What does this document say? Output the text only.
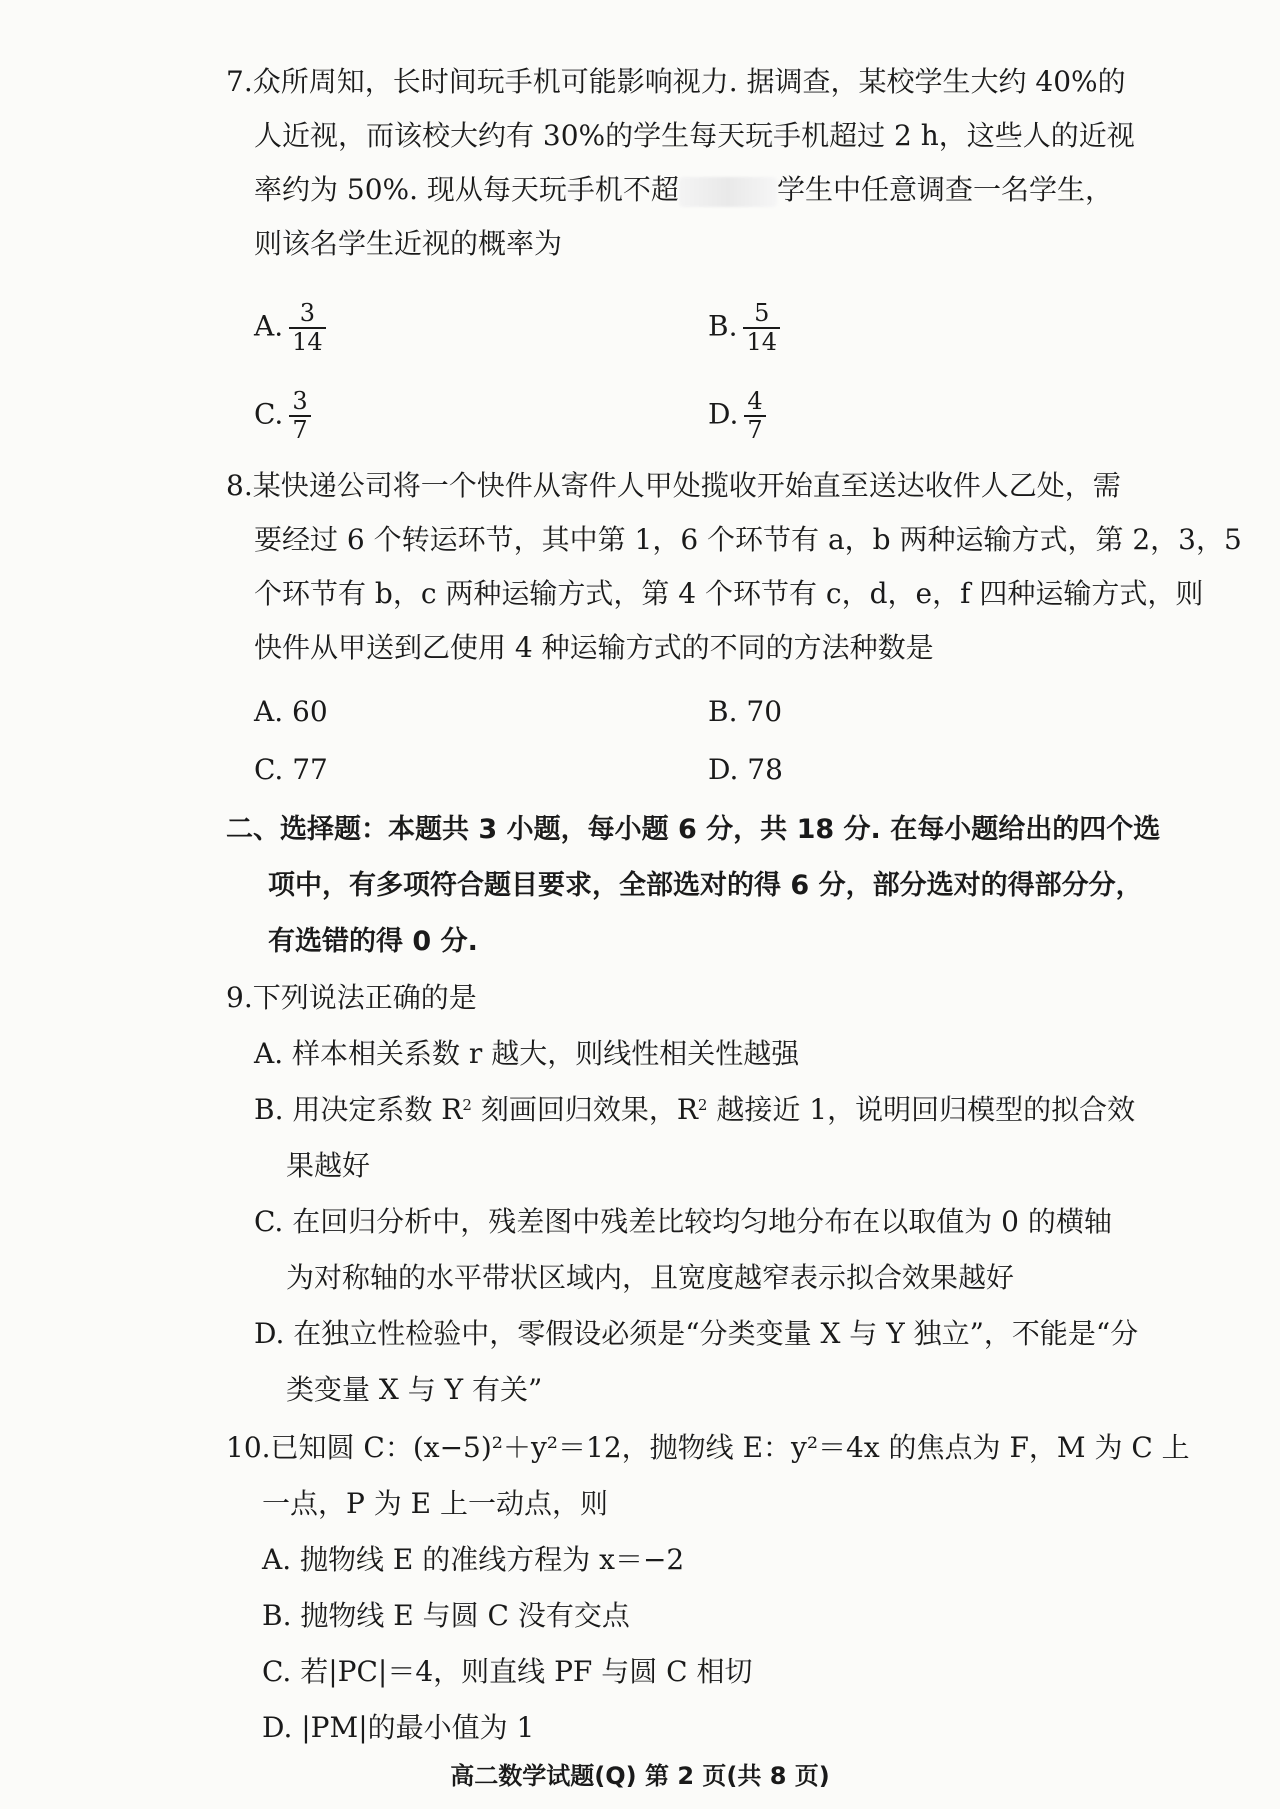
7.众所周知，长时间玩手机可能影响视力. 据调查，某校学生大约 40%的
人近视，而该校大约有 30%的学生每天玩手机超过 2 h，这些人的近视
率约为 50%. 现从每天玩手机不超	学生中任意调查一名学生，
则该名学生近视的概率为
A. $\frac{3}{14}$	B. $\frac{5}{14}$
C. $\frac{3}{7}$	D. $\frac{4}{7}$
8.某快递公司将一个快件从寄件人甲处揽收开始直至送达收件人乙处，需
要经过 6 个转运环节，其中第 1，6 个环节有 a，b 两种运输方式，第 2，3，5
个环节有 b，c 两种运输方式，第 4 个环节有 c，d，e，f 四种运输方式，则
快件从甲送到乙使用 4 种运输方式的不同的方法种数是
A. 60	B. 70
C. 77	D. 78
二、选择题：本题共 3 小题，每小题 6 分，共 18 分. 在每小题给出的四个选
项中，有多项符合题目要求，全部选对的得 6 分，部分选对的得部分分，
有选错的得 0 分.
9.下列说法正确的是
A. 样本相关系数 r 越大，则线性相关性越强
B. 用决定系数 $R^2$ 刻画回归效果，$R^2$ 越接近 1，说明回归模型的拟合效
果越好
C. 在回归分析中，残差图中残差比较均匀地分布在以取值为 0 的横轴
为对称轴的水平带状区域内，且宽度越窄表示拟合效果越好
D. 在独立性检验中，零假设必须是“分类变量 X 与 Y 独立”，不能是“分
类变量 X 与 Y 有关”
10.已知圆 C：(x−5)²＋y²＝12，抛物线 E：y²＝4x 的焦点为 F，M 为 C 上
一点，P 为 E 上一动点，则
A. 抛物线 E 的准线方程为 x＝−2
B. 抛物线 E 与圆 C 没有交点
C. 若|PC|＝4，则直线 PF 与圆 C 相切
D. |PM|的最小值为 1
高二数学试题(Q) 第 2 页(共 8 页)
